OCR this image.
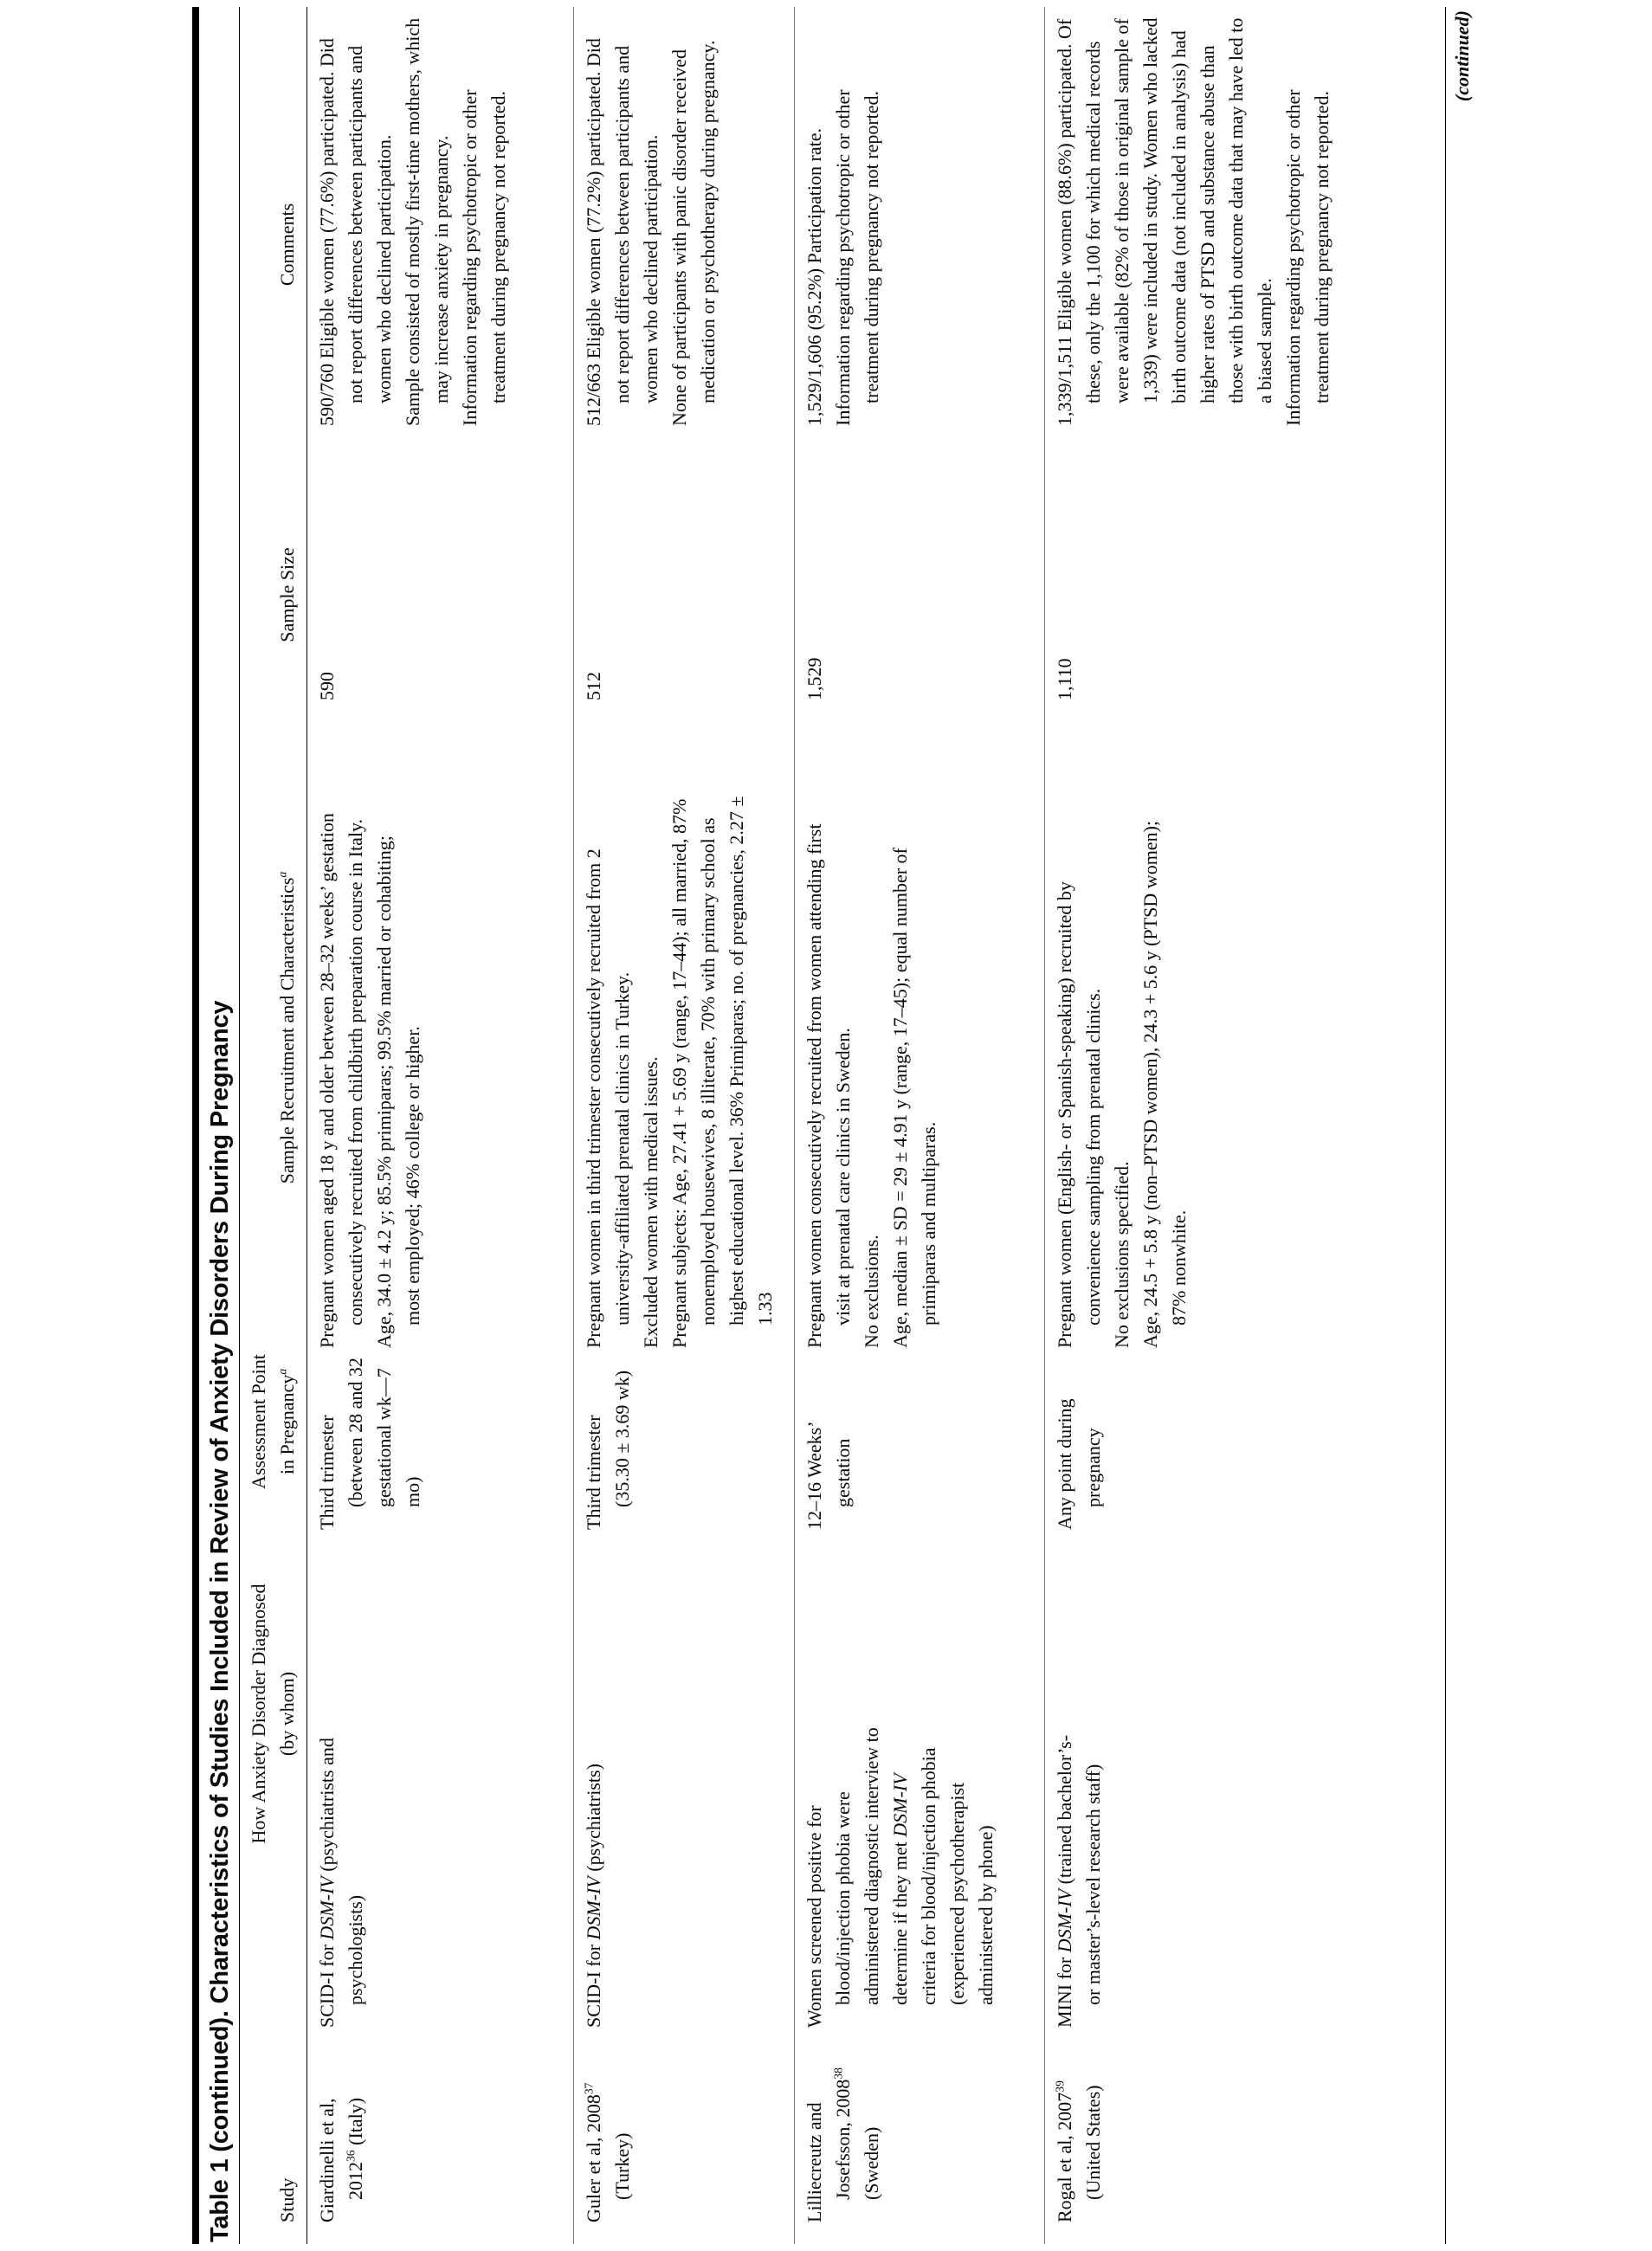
Table 1 (continued). Characteristics of Studies Included in Review of Anxiety Disorders During Pregnancy Study
How Anxiety Disorder Diagnosed (by whom)
Assessment Point in Pregnancy$^a$
Sample Recruitment and Characteristics$^a$
Sample Size
Comments
Giardinelli et al, 2012$^{36}$ (Italy)
SCID-I for DSM-IV (psychiatrists and psychologists)
Third trimester (between 28 and 32 gestational wk—7 mo)
Pregnant women aged 18 y and older between 28–32 weeks’ gestation consecutively recruited from childbirth preparation course in Italy. Age, 34.0 ± 4.2 y; 85.5% primiparas; 99.5% married or cohabiting; most employed; 46% college or higher.
590
590/760 Eligible women (77.6%) participated. Did not report differences between participants and women who declined participation. Sample consisted of mostly first-time mothers, which may increase anxiety in pregnancy. Information regarding psychotropic or other treatment during pregnancy not reported.
Guler et al, 2008$^{37}$ (Turkey)
SCID-I for DSM-IV (psychiatrists)
Third trimester (35.30 ± 3.69 wk)
Pregnant women in third trimester consecutively recruited from 2 university-affiliated prenatal clinics in Turkey. Excluded women with medical issues. Pregnant subjects: Age, 27.41 + 5.69 y (range, 17–44); all married, 87% nonemployed housewives, 8 illiterate, 70% with primary school as highest educational level. 36% Primiparas; no. of pregnancies, 2.27 ± 1.33
512
512/663 Eligible women (77.2%) participated. Did not report differences between participants and women who declined participation. None of participants with panic disorder received medication or psychotherapy during pregnancy.
Lilliecreutz and Josefsson, 2008$^{38}$ (Sweden)
Women screened positive for blood/injection phobia were administered diagnostic interview to determine if they met DSM-IV criteria for blood/injection phobia (experienced psychotherapist administered by phone)
12–16 Weeks’ gestation
Pregnant women consecutively recruited from women attending first visit at prenatal care clinics in Sweden. No exclusions. Age, median ± SD = 29 ± 4.91 y (range, 17–45); equal number of primiparas and multiparas.
1,529
1,529/1,606 (95.2%) Participation rate. Information regarding psychotropic or other treatment during pregnancy not reported.
Rogal et al, 2007$^{39}$ (United States)
MINI for DSM-IV (trained bachelor’s- or master’s-level research staff)
Any point during pregnancy
Pregnant women (English- or Spanish-speaking) recruited by convenience sampling from prenatal clinics. No exclusions specified. Age, 24.5 + 5.8 y (non–PTSD women), 24.3 + 5.6 y (PTSD women); 87% nonwhite.
1,110
1,339/1,511 Eligible women (88.6%) participated. Of these, only the 1,100 for which medical records were available (82% of those in original sample of 1,339) were included in study. Women who lacked birth outcome data (not included in analysis) had higher rates of PTSD and substance abuse than those with birth outcome data that may have led to a biased sample. Information regarding psychotropic or other treatment during pregnancy not reported.
(continued)
